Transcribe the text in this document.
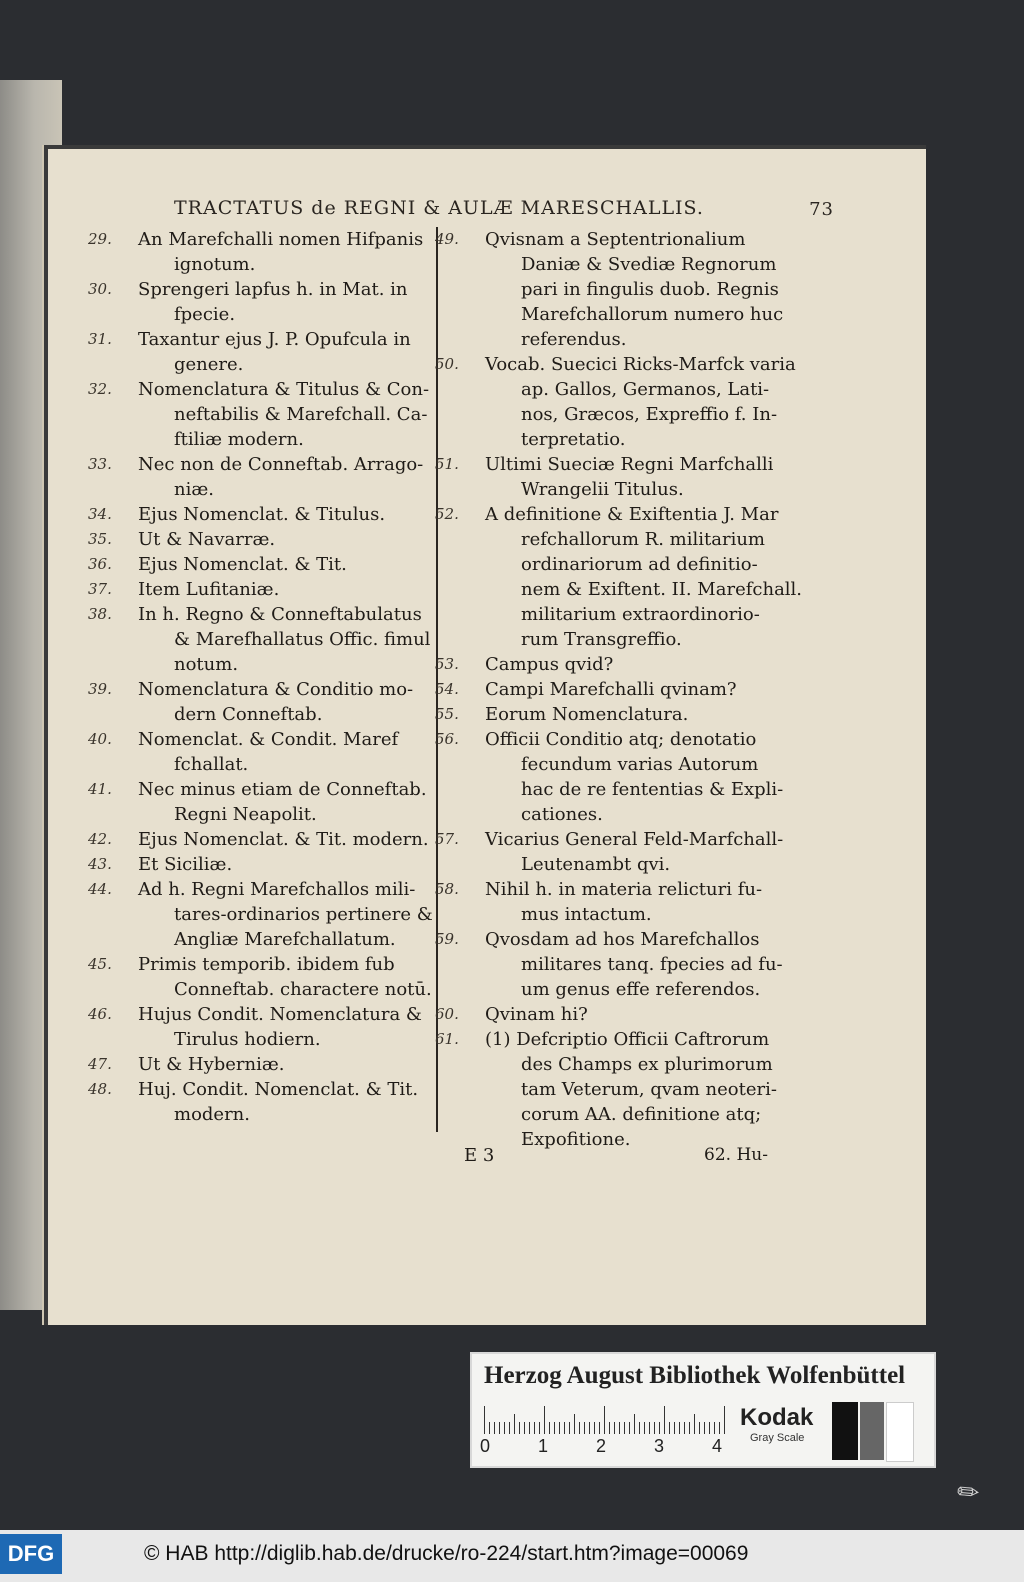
TRACTATUS de REGNI & AULÆ MARESCHALLIS.	73
29.	An Marefchalli nomen Hifpanis
ignotum.
30.	Sprengeri lapfus h. in Mat. in
fpecie.
31.	Taxantur ejus J. P. Opufcula in
genere.
32.	Nomenclatura & Titulus & Con-
neftabilis & Marefchall. Ca-
ftiliæ modern.
33.	Nec non de Conneftab. Arrago-
niæ.
34.	Ejus Nomenclat. & Titulus.
35.	Ut & Navarræ.
36.	Ejus Nomenclat. & Tit.
37.	Item Lufitaniæ.
38.	In h. Regno & Conneftabulatus
& Marefhallatus Offic. fimul
notum.
39.	Nomenclatura & Conditio mo-
dern Conneftab.
40.	Nomenclat. & Condit. Maref
fchallat.
41.	Nec minus etiam de Conneftab.
Regni Neapolit.
42.	Ejus Nomenclat. & Tit. modern.
43.	Et Siciliæ.
44.	Ad h. Regni Marefchallos mili-
tares-ordinarios pertinere &
Angliæ Marefchallatum.
45.	Primis temporib. ibidem fub
Conneftab. charactere notū.
46.	Hujus Condit. Nomenclatura &
Tirulus hodiern.
47.	Ut & Hyberniæ.
48.	Huj. Condit. Nomenclat. & Tit.
modern.
49.	Qvisnam a Septentrionalium
Daniæ & Svediæ Regnorum
pari in fingulis duob. Regnis
Marefchallorum numero huc
referendus.
50.	Vocab. Suecici Ricks-Marfck varia
ap. Gallos, Germanos, Lati-
nos, Græcos, Expreffio f. In-
terpretatio.
51.	Ultimi Sueciæ Regni Marfchalli
Wrangelii Titulus.
52.	A definitione & Exiftentia J. Mar
refchallorum R. militarium
ordinariorum ad definitio-
nem & Exiftent. II. Marefchall.
militarium extraordinorio-
rum Transgreffio.
53.	Campus qvid?
54.	Campi Marefchalli qvinam?
55.	Eorum Nomenclatura.
56.	Officii Conditio atq; denotatio
fecundum varias Autorum
hac de re fententias & Expli-
cationes.
57.	Vicarius General Feld-Marfchall-
Leutenambt qvi.
58.	Nihil h. in materia relicturi fu-
mus intactum.
59.	Qvosdam ad hos Marefchallos
militares tanq. fpecies ad fu-
um genus effe referendos.
60.	Qvinam hi?
61.	(1) Defcriptio Officii Caftrorum
des Champs ex plurimorum
tam Veterum, qvam neoteri-
corum AA. definitione atq;
Expofitione.
E 3	62. Hu-
Herzog August Bibliothek Wolfenbüttel
0	1	2	3	4
Kodak
Gray Scale
✎
DFG	© HAB http://diglib.hab.de/drucke/ro-224/start.htm?image=00069
